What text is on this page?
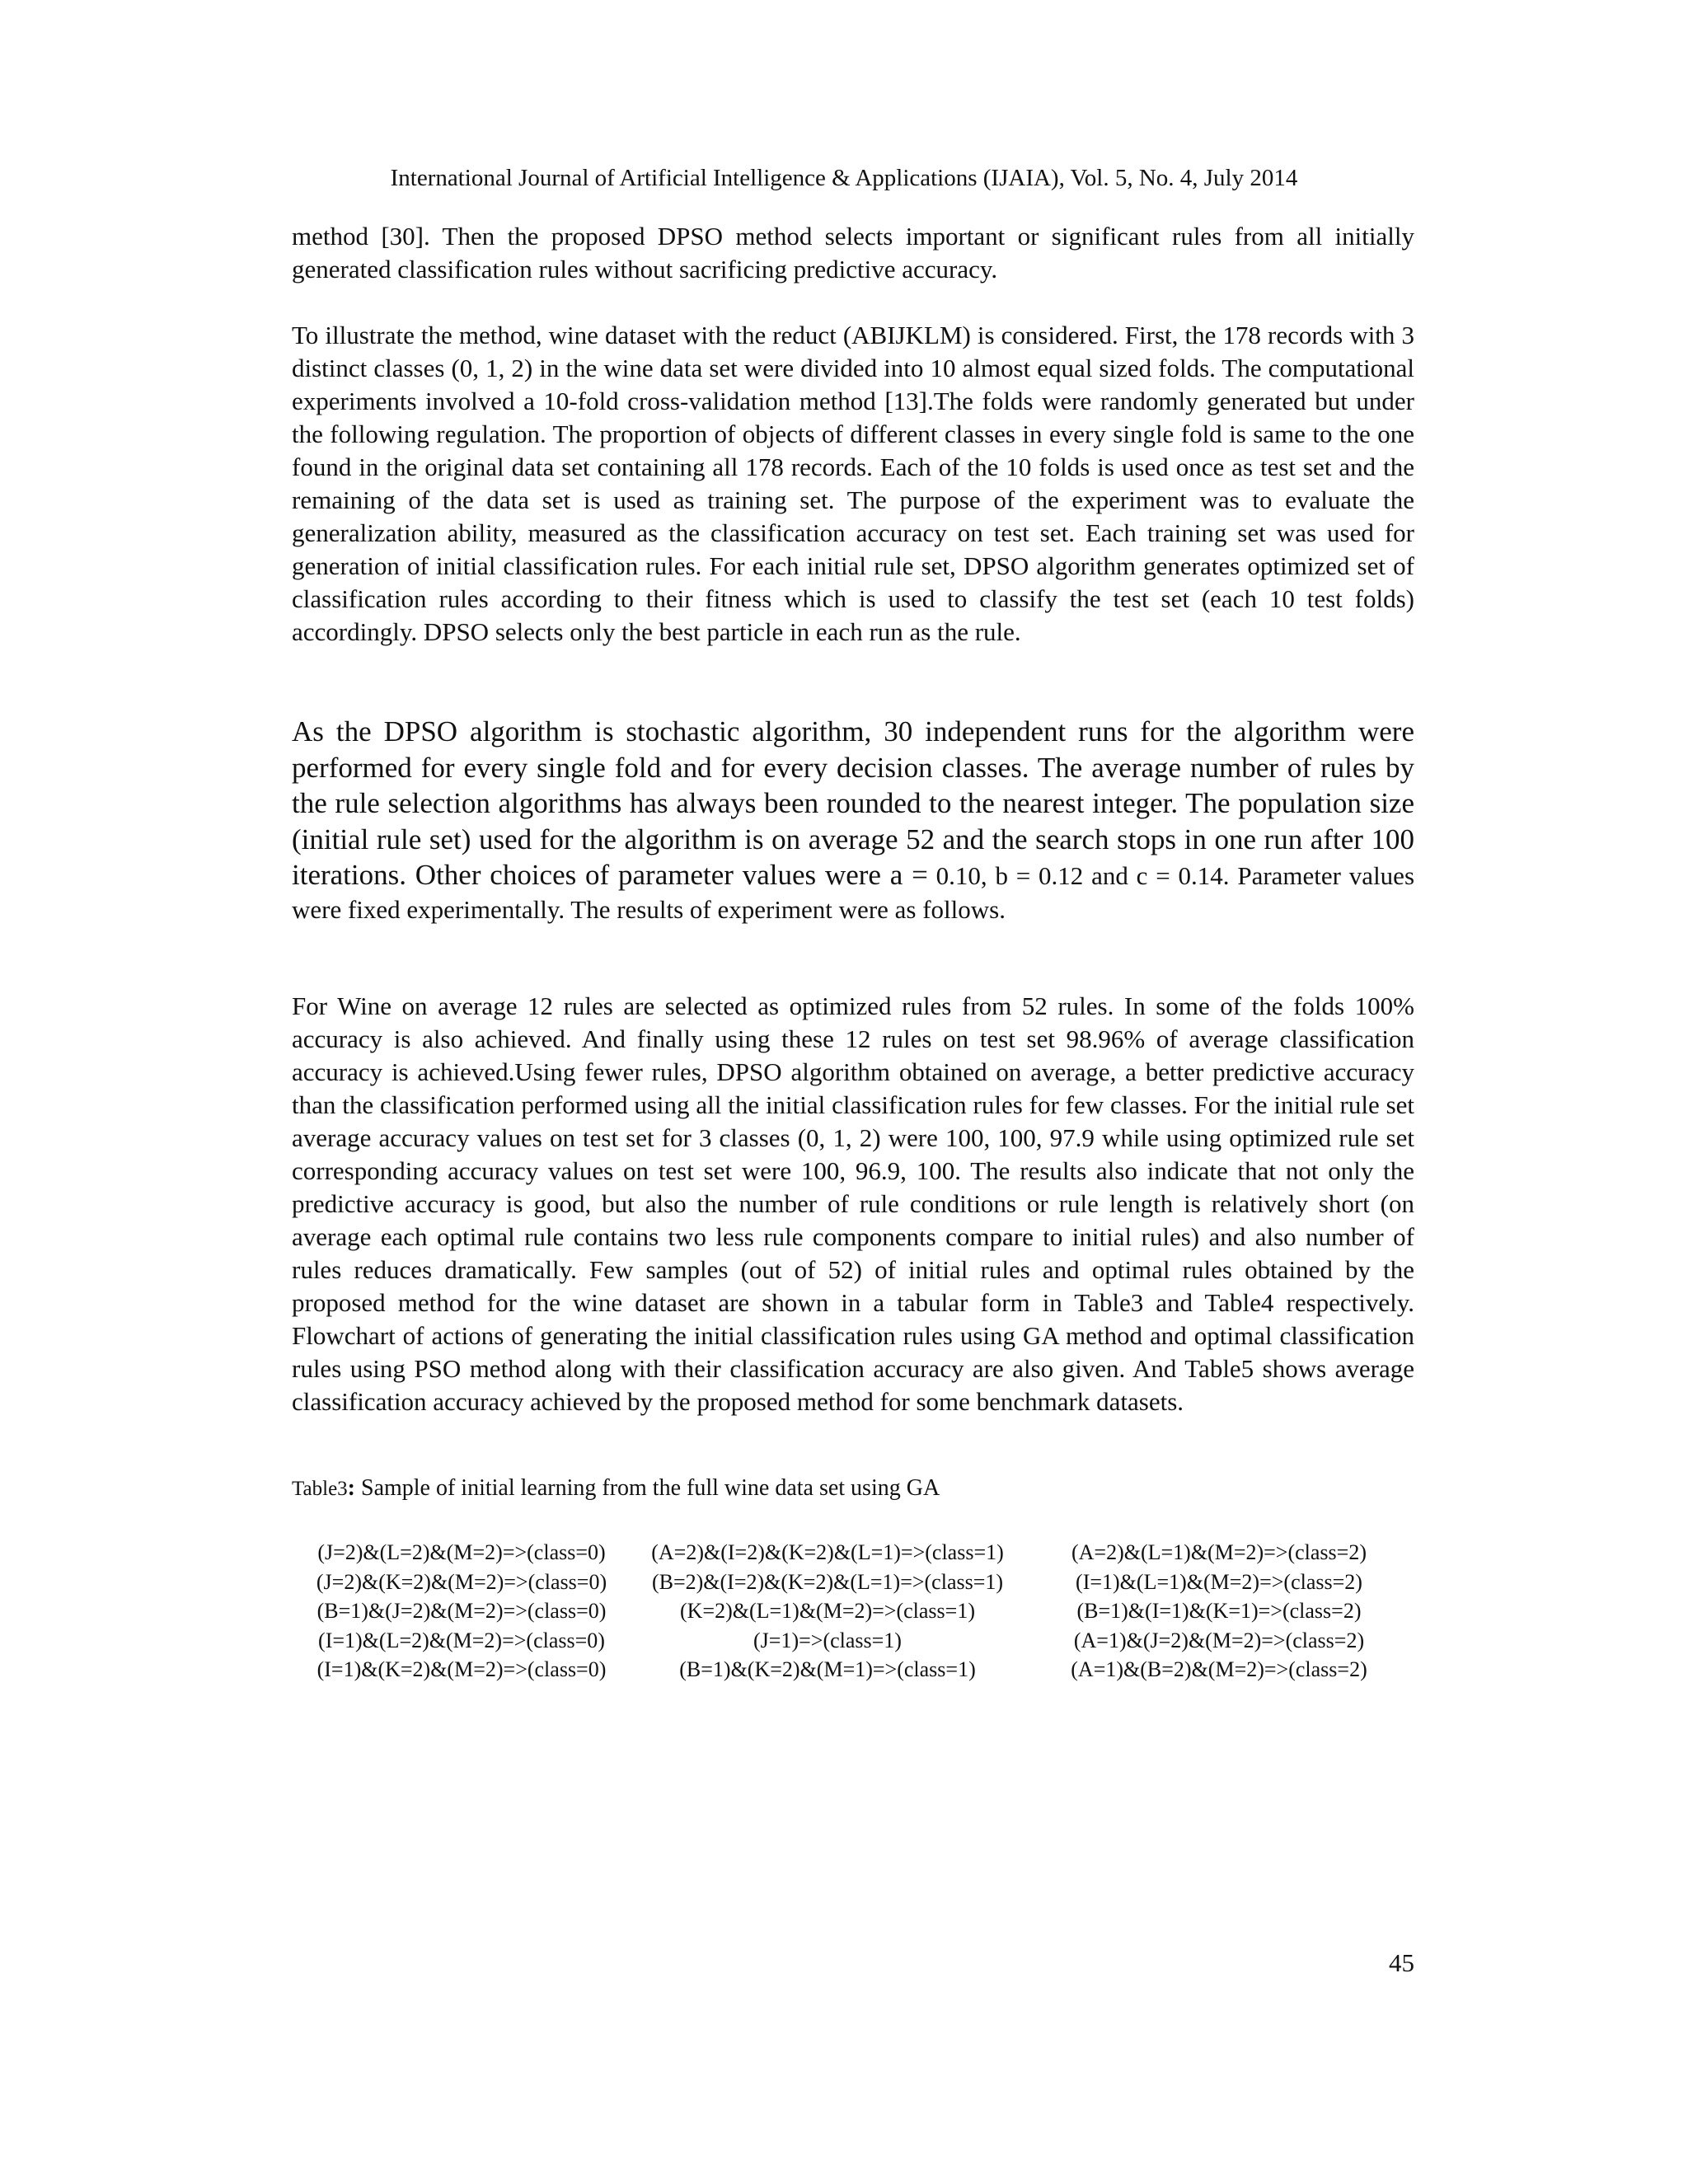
International Journal of Artificial Intelligence & Applications (IJAIA), Vol. 5, No. 4, July 2014

method [30]. Then the proposed DPSO method selects important or significant rules from all initially generated classification rules without sacrificing predictive accuracy.

To illustrate the method, wine dataset with the reduct (ABIJKLM) is considered. First, the 178 records with 3 distinct classes (0, 1, 2) in the wine data set were divided into 10 almost equal sized folds. The computational experiments involved a 10-fold cross-validation method [13].The folds were randomly generated but under the following regulation. The proportion of objects of different classes in every single fold is same to the one found in the original data set containing all 178 records. Each of the 10 folds is used once as test set and the remaining of the data set is used as training set. The purpose of the experiment was to evaluate the generalization ability, measured as the classification accuracy on test set. Each training set was used for generation of initial classification rules. For each initial rule set, DPSO algorithm generates optimized set of classification rules according to their fitness which is used to classify the test set (each 10 test folds) accordingly. DPSO selects only the best particle in each run as the rule.

As the DPSO algorithm is stochastic algorithm, 30 independent runs for the algorithm were performed for every single fold and for every decision classes. The average number of rules by the rule selection algorithms has always been rounded to the nearest integer. The population size (initial rule set) used for the algorithm is on average 52 and the search stops in one run after 100 iterations. Other choices of parameter values were a = 0.10, b = 0.12 and c = 0.14. Parameter values were fixed experimentally. The results of experiment were as follows.

For Wine on average 12 rules are selected as optimized rules from 52 rules. In some of the folds 100% accuracy is also achieved. And finally using these 12 rules on test set 98.96% of average classification accuracy is achieved.Using fewer rules, DPSO algorithm obtained on average, a better predictive accuracy than the classification performed using all the initial classification rules for few classes. For the initial rule set average accuracy values on test set for 3 classes (0, 1, 2) were 100, 100, 97.9 while using optimized rule set corresponding accuracy values on test set were 100, 96.9, 100. The results also indicate that not only the predictive accuracy is good, but also the number of rule conditions or rule length is relatively short (on average each optimal rule contains two less rule components compare to initial rules) and also number of rules reduces dramatically. Few samples (out of 52) of initial rules and optimal rules obtained by the proposed method for the wine dataset are shown in a tabular form in Table3 and Table4 respectively. Flowchart of actions of generating the initial classification rules using GA method and optimal classification rules using PSO method along with their classification accuracy are also given. And Table5 shows average classification accuracy achieved by the proposed method for some benchmark datasets.

Table3: Sample of initial learning from the full wine data set using GA
(J=2)&(L=2)&(M=2)=>(class=0)
(J=2)&(K=2)&(M=2)=>(class=0)
(B=1)&(J=2)&(M=2)=>(class=0)
(I=1)&(L=2)&(M=2)=>(class=0)
(I=1)&(K=2)&(M=2)=>(class=0)
(A=2)&(I=2)&(K=2)&(L=1)=>(class=1)
(B=2)&(I=2)&(K=2)&(L=1)=>(class=1)
(K=2)&(L=1)&(M=2)=>(class=1)
(J=1)=>(class=1)
(B=1)&(K=2)&(M=1)=>(class=1)
(A=2)&(L=1)&(M=2)=>(class=2)
(I=1)&(L=1)&(M=2)=>(class=2)
(B=1)&(I=1)&(K=1)=>(class=2)
(A=1)&(J=2)&(M=2)=>(class=2)
(A=1)&(B=2)&(M=2)=>(class=2)
45
